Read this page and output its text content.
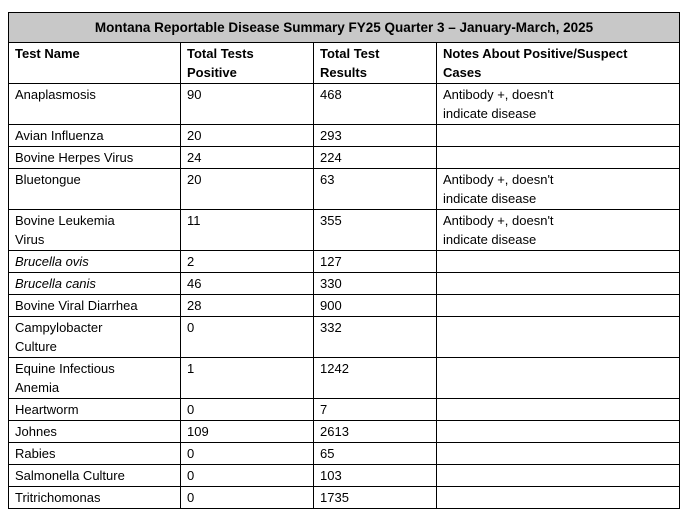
Montana Reportable Disease Summary FY25 Quarter 3 – January-March, 2025			
Test Name	Total Tests Positive	Total Test Results	Notes About Positive/Suspect Cases
Anaplasmosis	90	468	Antibody +, doesn't indicate disease
Avian Influenza	20	293	
Bovine Herpes Virus	24	224	
Bluetongue	20	63	Antibody +, doesn't indicate disease
Bovine Leukemia Virus	11	355	Antibody +, doesn't indicate disease
Brucella ovis	2	127	
Brucella canis	46	330	
Bovine Viral Diarrhea	28	900	
Campylobacter Culture	0	332	
Equine Infectious Anemia	1	1242	
Heartworm	0	7	
Johnes	109	2613	
Rabies	0	65	
Salmonella Culture	0	103	
Tritrichomonas	0	1735	
